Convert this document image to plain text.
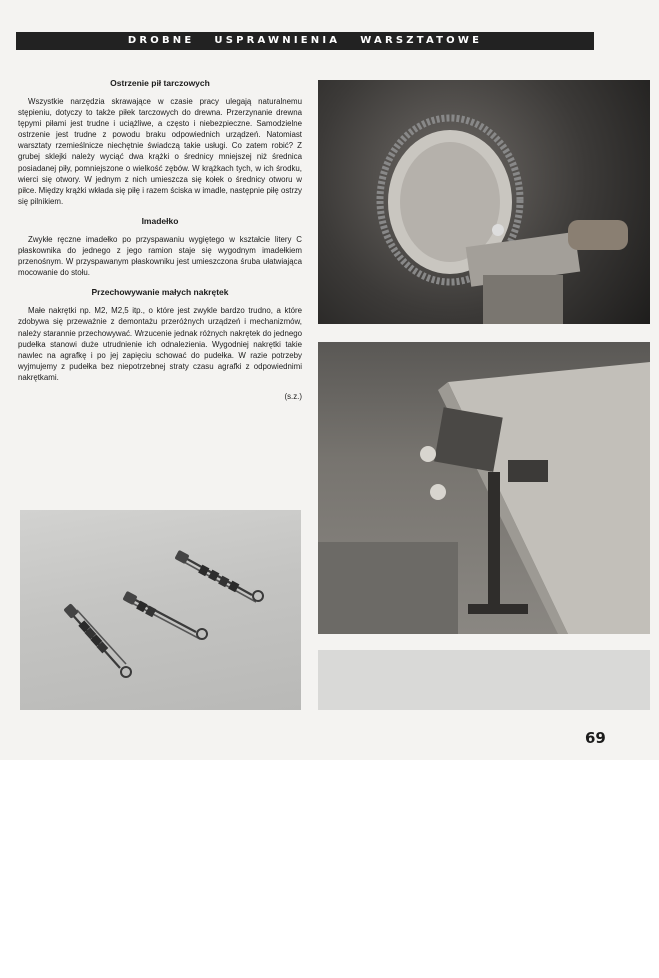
DROBNE USPRAWNIENIA WARSZTATOWE
Ostrzenie pił tarczowych

Wszystkie narzędzia skrawające w czasie pracy ulegają naturalnemu stępieniu, dotyczy to także piłek tarczowych do drewna. Przerzynanie drewna tępymi piłami jest trudne i uciążliwe, a często i niebezpieczne. Samodzielne ostrzenie jest trudne z powodu braku odpowiednich urządzeń. Natomiast warsztaty rzemieślnicze niechętnie świadczą takie usługi. Co zatem robić? Z grubej sklejki należy wyciąć dwa krążki o średnicy mniejszej niż średnica posiadanej piły, pomniejszone o wielkość zębów. W krążkach tych, w ich środku, wierci się otwory. W jednym z nich umieszcza się kołek o średnicy otworu w piłce. Między krążki wkłada się piłę i razem ściska w imadle, następnie piłę ostrzy się pilnikiem.

Imadełko

Zwykłe ręczne imadełko po przyspawaniu wygiętego w kształcie litery C płaskownika do jednego z jego ramion staje się wygodnym imadełkiem przenośnym. W przyspawanym płaskowniku jest umieszczona śruba ułatwiająca mocowanie do stołu.

Przechowywanie małych nakrętek

Małe nakrętki np. M2, M2,5 itp., o które jest zwykle bardzo trudno, a które zdobywa się przeważnie z demontażu przeróżnych urządzeń i mechanizmów, należy starannie przechowywać. Wrzucenie jednak różnych nakrętek do jednego pudełka stanowi duże utrudnienie ich odnalezienia. Wygodniej nakrętki takie nawlec na agrafkę i po jej zapięciu schować do pudełka. W razie potrzeby wyjmujemy z pudełka bez niepotrzebnej straty czasu agrafki z odpowiednimi nakrętkami.

(s.z.)
69
